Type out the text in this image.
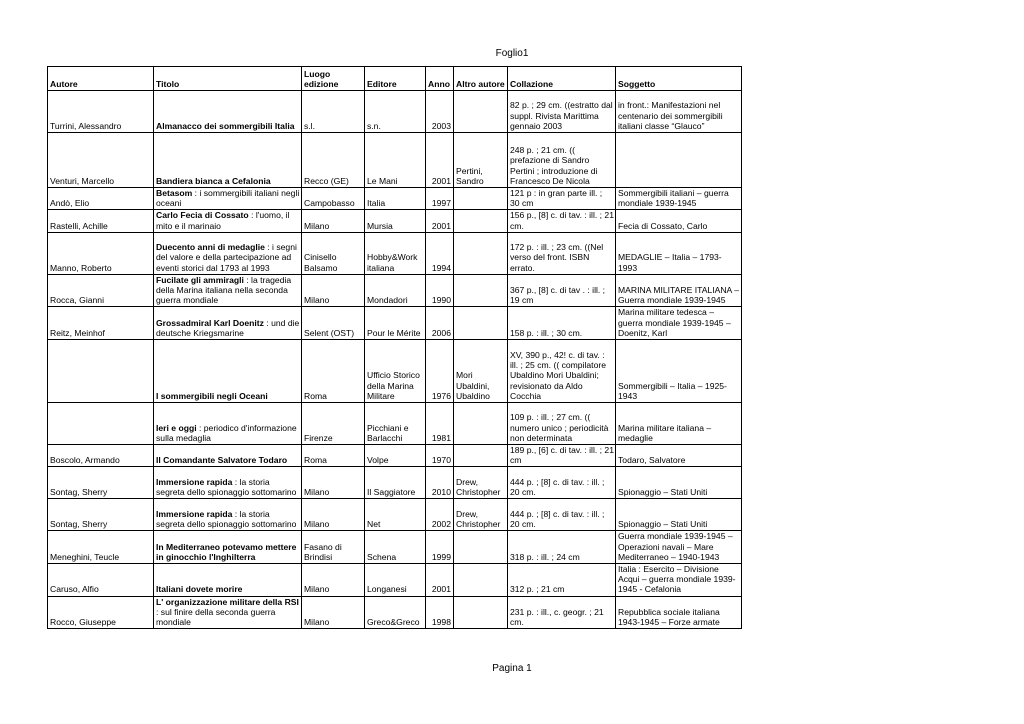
Foglio1
Autore	Titolo	Luogo edizione	Editore	Anno	Altro autore	Collazione	Soggetto
Turrini, Alessandro	Almanacco dei sommergibili Italia	s.l.	s.n.	2003		82 p. ; 29 cm. ((estratto dal suppl. Rivista Marittima gennaio 2003	in front.: Manifestazioni nel centenario dei sommergibili italiani classe “Glauco”
Venturi, Marcello	Bandiera bianca a Cefalonia	Recco (GE)	Le Mani	2001	Pertini, Sandro	248 p. ; 21 cm. (( prefazione di Sandro Pertini ; introduzione di Francesco De Nicola	
Andò, Elio	Betasom : i sommergibili italiani negli oceani	Campobasso	Italia	1997		121 p : in gran parte ill. ; 30 cm	Sommergibili italiani – guerra mondiale 1939-1945
Rastelli, Achille	Carlo Fecia di Cossato : l'uomo, il mito e il marinaio	Milano	Mursia	2001		156 p., [8] c. di tav. : ill. ; 21 cm.	Fecia di Cossato, Carlo
Manno, Roberto	Duecento anni di medaglie : i segni del valore e della partecipazione ad eventi storici dal 1793 al 1993	Cinisello Balsamo	Hobby&Work italiana	1994		172 p. : ill. ; 23 cm. ((Nel verso del front. ISBN errato.	MEDAGLIE – Italia – 1793-1993
Rocca, Gianni	Fucilate gli ammiragli : la tragedia della Marina italiana nella seconda guerra mondiale	Milano	Mondadori	1990		367 p., [8] c. di tav . : ill. ; 19 cm	MARINA MILITARE ITALIANA – Guerra mondiale 1939-1945
Reitz, Meinhof	Grossadmiral Karl Doenitz : und die deutsche Kriegsmarine	Selent (OST)	Pour le Mérite	2006		158 p. : ill. ; 30 cm.	Marina militare tedesca – guerra mondiale 1939-1945 – Doenitz, Karl
	I sommergibili negli Oceani	Roma	Ufficio Storico della Marina Militare	1976	Mori Ubaldini, Ubaldino	XV, 390 p., 42! c. di tav. : ill. ; 25 cm. (( compilatore Ubaldino Mori Ubaldini; revisionato da Aldo Cocchia	Sommergibili – Italia – 1925-1943
	Ieri e oggi : periodico d'informazione sulla medaglia	Firenze	Picchiani e Barlacchi	1981		109 p. : ill. ; 27 cm. (( numero unico ; periodicità non determinata	Marina militare italiana – medaglie
Boscolo, Armando	Il Comandante Salvatore Todaro	Roma	Volpe	1970		189 p., [6] c. di tav. : ill. ; 21 cm	Todaro, Salvatore
Sontag, Sherry	Immersione rapida : la storia segreta dello spionaggio sottomarino	Milano	Il Saggiatore	2010	Drew, Christopher	444 p. ; [8] c. di tav. : ill. ; 20 cm.	Spionaggio – Stati Uniti
Sontag, Sherry	Immersione rapida : la storia segreta dello spionaggio sottomarino	Milano	Net	2002	Drew, Christopher	444 p. ; [8] c. di tav. : ill. ; 20 cm.	Spionaggio – Stati Uniti
Meneghini, Teucle	In Mediterraneo potevamo mettere in ginocchio l'Inghilterra	Fasano di Brindisi	Schena	1999		318 p. : ill. ; 24 cm	Guerra mondiale 1939-1945 – Operazioni navali – Mare Mediterraneo – 1940-1943
Caruso, Alfio	Italiani dovete morire	Milano	Longanesi	2001		312 p. ; 21 cm	Italia : Esercito – Divisione Acqui – guerra mondiale 1939-1945 - Cefalonia
Rocco, Giuseppe	L' organizzazione militare della RSI : sul finire della seconda guerra mondiale	Milano	Greco&Greco	1998		231 p. : ill., c. geogr. ; 21 cm.	Repubblica sociale italiana 1943-1945 – Forze armate
Pagina 1
